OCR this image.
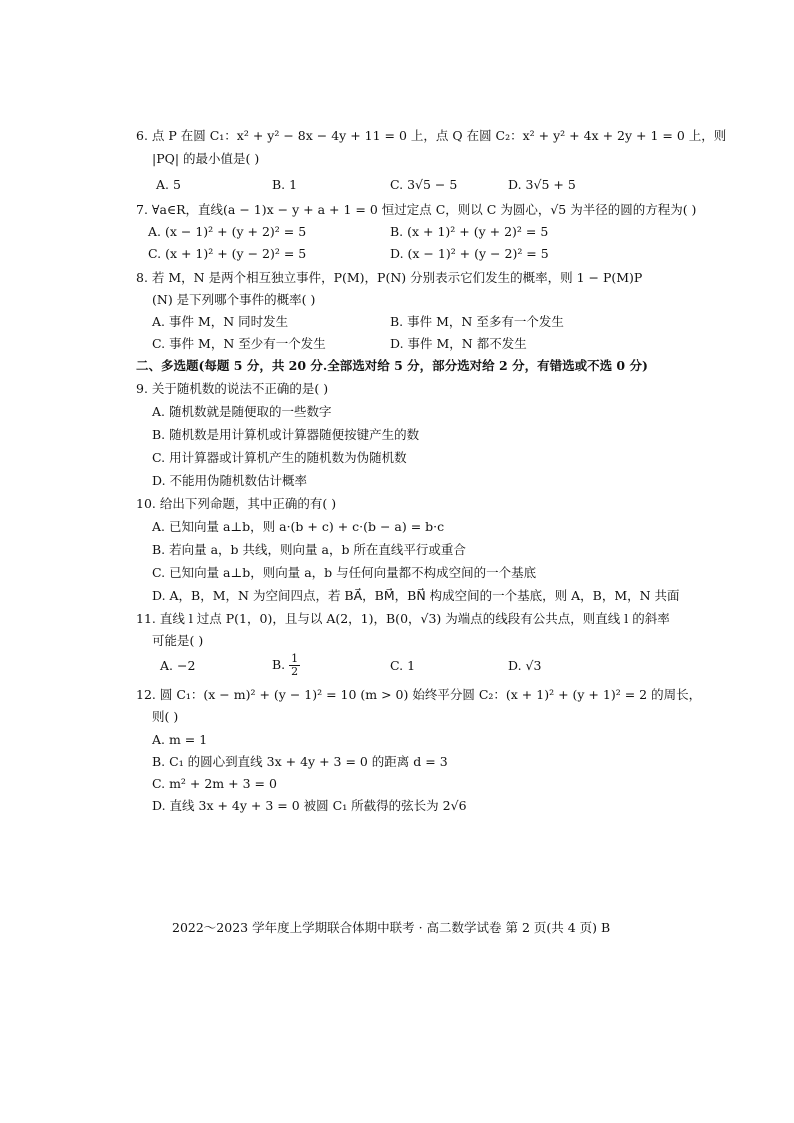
6. 点 P 在圆 C₁：x² + y² − 8x − 4y + 11 = 0 上，点 Q 在圆 C₂：x² + y² + 4x + 2y + 1 = 0 上，则
|PQ| 的最小值是( )
A. 5	B. 1	C. 3√5 − 5	D. 3√5 + 5
7. ∀a∈R，直线(a − 1)x − y + a + 1 = 0 恒过定点 C，则以 C 为圆心，√5 为半径的圆的方程为( )
A. (x − 1)² + (y + 2)² = 5	B. (x + 1)² + (y + 2)² = 5
C. (x + 1)² + (y − 2)² = 5	D. (x − 1)² + (y − 2)² = 5
8. 若 M，N 是两个相互独立事件，P(M)，P(N) 分别表示它们发生的概率，则 1 − P(M)P
(N) 是下列哪个事件的概率( )
A. 事件 M，N 同时发生	B. 事件 M，N 至多有一个发生
C. 事件 M，N 至少有一个发生	D. 事件 M，N 都不发生
二、多选题(每题 5 分，共 20 分.全部选对给 5 分，部分选对给 2 分，有错选或不选 0 分)
9. 关于随机数的说法不正确的是( )
A. 随机数就是随便取的一些数字
B. 随机数是用计算机或计算器随便按键产生的数
C. 用计算器或计算机产生的随机数为伪随机数
D. 不能用伪随机数估计概率
10. 给出下列命题，其中正确的有( )
A. 已知向量 a⊥b，则 a·(b + c) + c·(b − a) = b·c
B. 若向量 a，b 共线，则向量 a，b 所在直线平行或重合
C. 已知向量 a⊥b，则向量 a，b 与任何向量都不构成空间的一个基底
D. A，B，M，N 为空间四点，若 BA⃗，BM⃗，BN⃗ 构成空间的一个基底，则 A，B，M，N 共面
11. 直线 l 过点 P(1，0)，且与以 A(2，1)，B(0，√3) 为端点的线段有公共点，则直线 l 的斜率
可能是( )
A. −2	B. $\frac{1}{2}$	C. 1	D. √3
12. 圆 C₁：(x − m)² + (y − 1)² = 10 (m > 0) 始终平分圆 C₂：(x + 1)² + (y + 1)² = 2 的周长，
则( )
A. m = 1
B. C₁ 的圆心到直线 3x + 4y + 3 = 0 的距离 d = 3
C. m² + 2m + 3 = 0
D. 直线 3x + 4y + 3 = 0 被圆 C₁ 所截得的弦长为 2√6
2022～2023 学年度上学期联合体期中联考 · 高二数学试卷 第 2 页(共 4 页) B
